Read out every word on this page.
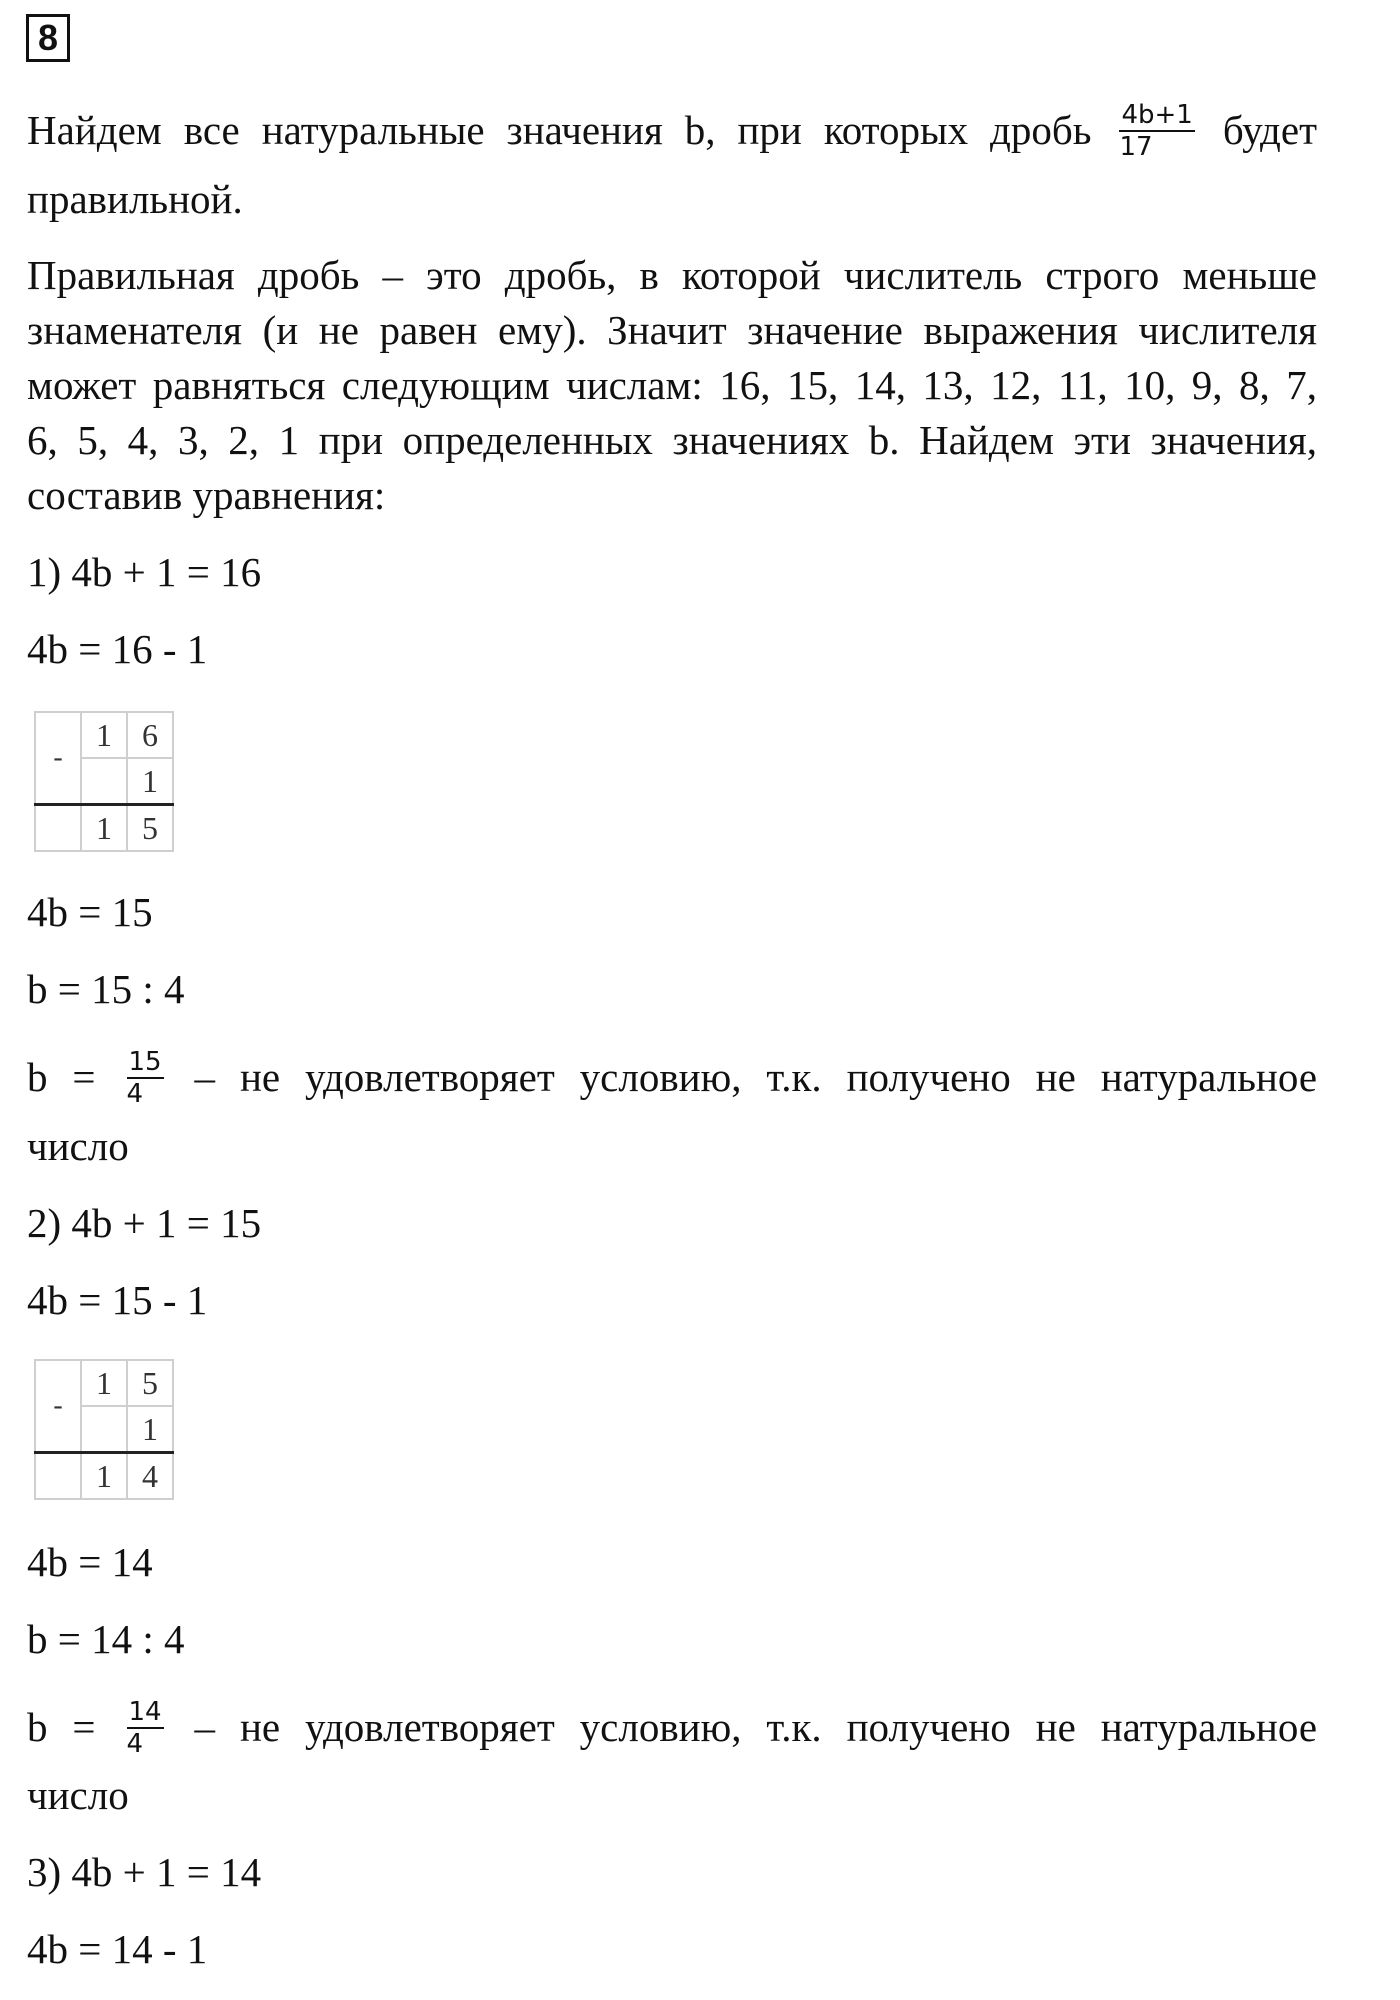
8

Найдем все натуральные значения b, при которых дробь $\frac{4b+1}{17}$ будет

правильной.

Правильная дробь – это дробь, в которой числитель строго меньше

знаменателя (и не равен ему). Значит значение выражения числителя

может равняться следующим числам: 16, 15, 14, 13, 12, 11, 10, 9, 8, 7,

6, 5, 4, 3, 2, 1 при определенных значениях b. Найдем эти значения,

составив уравнения:

1) 4b + 1 = 16

4b = 16 - 1

-	1	6
		1
	1	5

4b = 15

b = 15 : 4

$b = \frac{15}{4}$ – не удовлетворяет условию, т.к. получено не натуральное

число

2) 4b + 1 = 15

4b = 15 - 1

-	1	5
		1
	1	4

4b = 14

b = 14 : 4

$b = \frac{14}{4}$ – не удовлетворяет условию, т.к. получено не натуральное

число

3) 4b + 1 = 14

4b = 14 - 1
